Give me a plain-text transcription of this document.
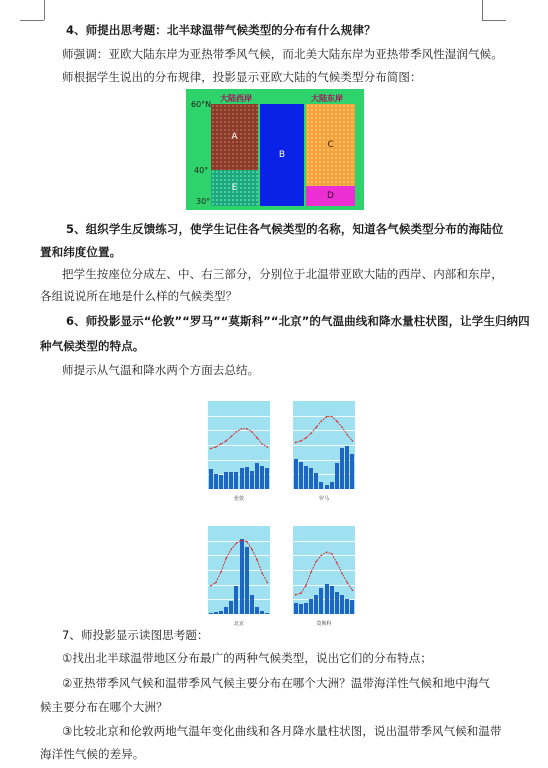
4、师提出思考题：北半球温带气候类型的分布有什么规律？
师强调：亚欧大陆东岸为亚热带季风气候，而北美大陆东岸为亚热带季风性湿润气候。
师根据学生说出的分布规律，投影显示亚欧大陆的气候类型分布简图：
大陆西岸	大陆东岸
60°N
40°
30°
A
E
B
C
D
5、组织学生反馈练习，使学生记住各气候类型的名称，知道各气候类型分布的海陆位
置和纬度位置。
把学生按座位分成左、中、右三部分，分别位于北温带亚欧大陆的西岸、内部和东岸，
各组说说所在地是什么样的气候类型？
6、师投影显示“伦敦”“罗马”“莫斯科”“北京”的气温曲线和降水量柱状图，让学生归纳四
种气候类型的特点。
师提示从气温和降水两个方面去总结。
伦敦	罗马
北京	莫斯科
7、师投影显示读图思考题：
①找出北半球温带地区分布最广的两种气候类型，说出它们的分布特点；
②亚热带季风气候和温带季风气候主要分布在哪个大洲？温带海洋性气候和地中海气
候主要分布在哪个大洲？
③比较北京和伦敦两地气温年变化曲线和各月降水量柱状图，说出温带季风气候和温带
海洋性气候的差异。
